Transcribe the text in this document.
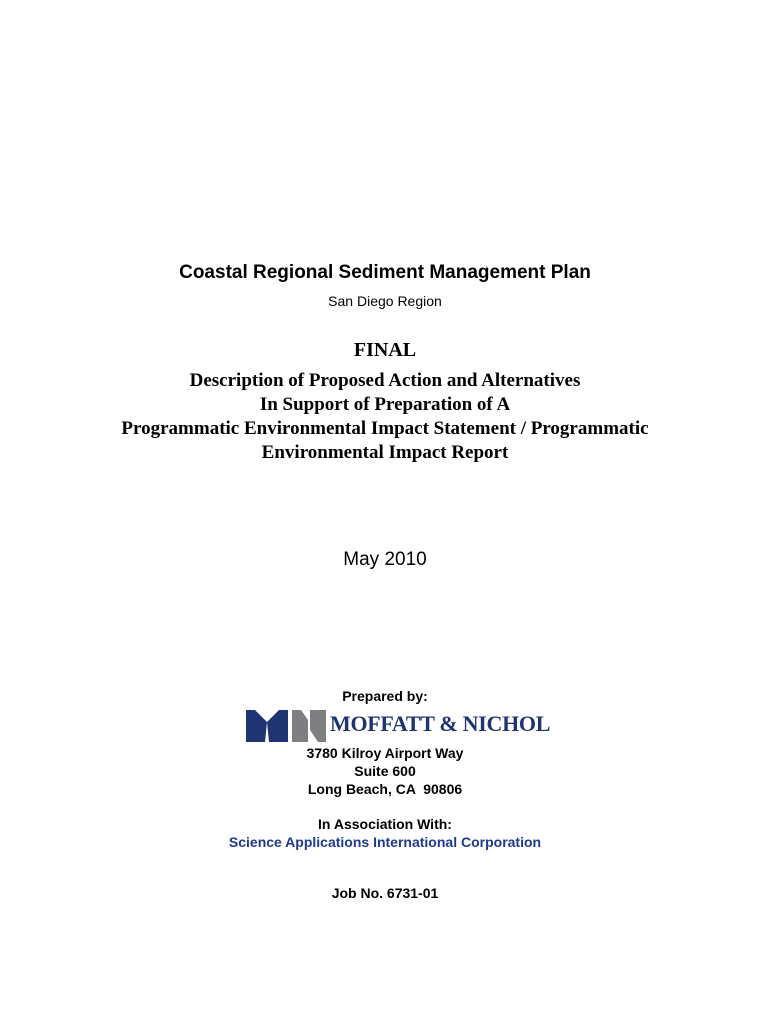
Coastal Regional Sediment Management Plan
San Diego Region
FINAL
Description of Proposed Action and Alternatives
In Support of Preparation of A
Programmatic Environmental Impact Statement / Programmatic
Environmental Impact Report
May 2010
Prepared by:
MOFFATT & NICHOL
3780 Kilroy Airport Way
Suite 600
Long Beach, CA  90806
In Association With:
Science Applications International Corporation
Job No. 6731-01
